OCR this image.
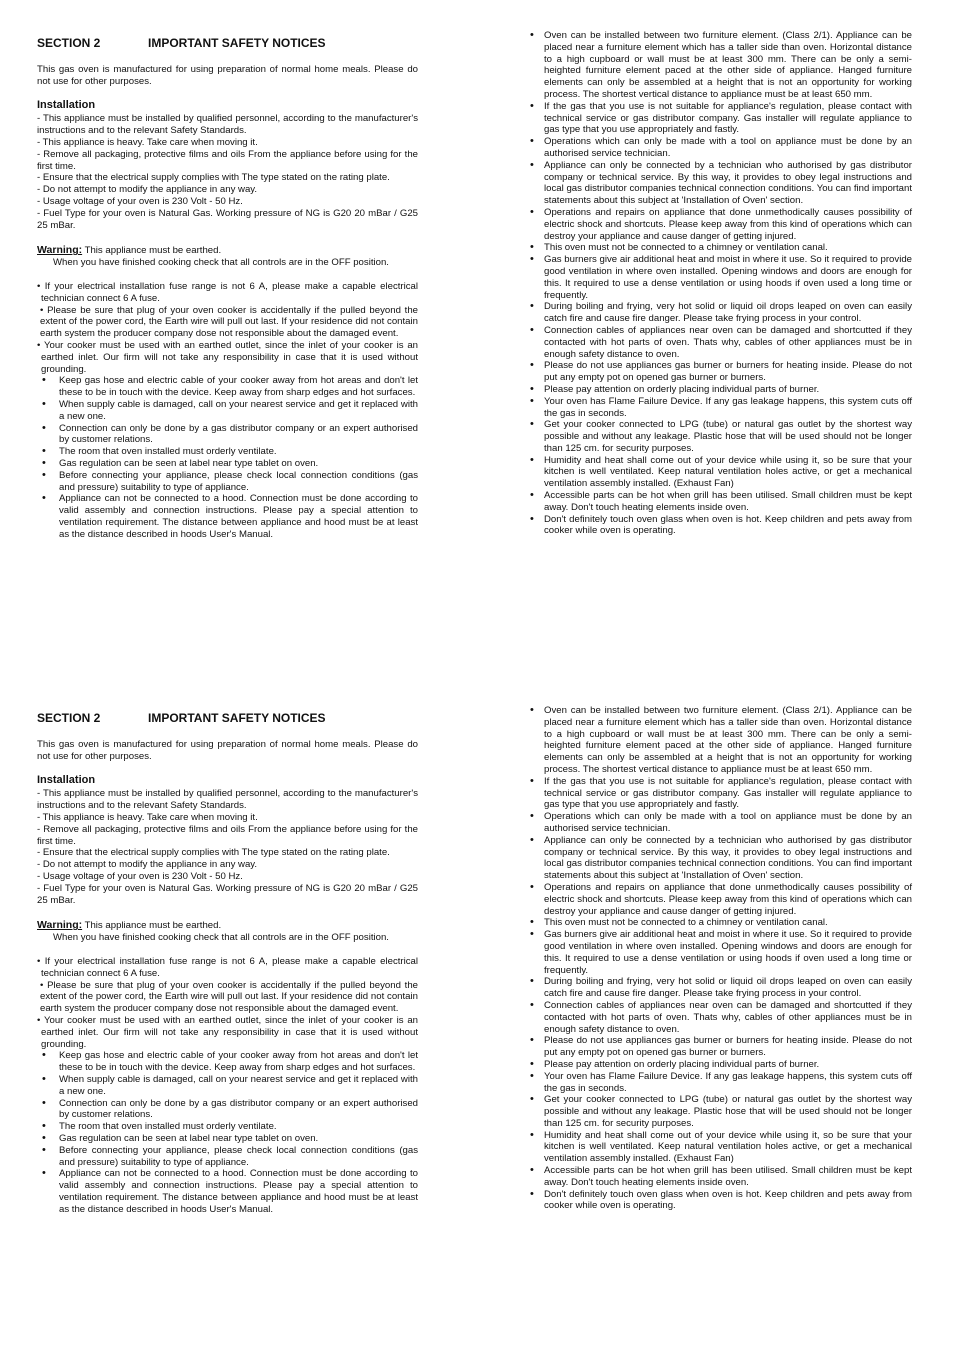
SECTION 2	IMPORTANT SAFETY NOTICES

This gas oven is manufactured for using preparation of normal home meals. Please do not use for other purposes.

Installation

- This appliance must be installed by qualified personnel, according to the manufacturer's instructions and to the relevant Safety Standards.

- This appliance is heavy. Take care when moving it.

- Remove all packaging, protective films and oils From the appliance before using for the first time.

- Ensure that the electrical supply complies with The type stated on the rating plate.

- Do not attempt to modify the appliance in any way.

- Usage voltage of your oven is 230 Volt - 50 Hz.

- Fuel Type for your oven is Natural Gas. Working pressure of NG is G20 20 mBar / G25 25 mBar.

Warning: This appliance must be earthed.

When you have finished cooking check that all controls are in the OFF position.

• If your electrical installation fuse range is not 6 A, please make a capable electrical technician connect 6 A fuse.

• Please be sure that plug of your oven cooker is accidentally if the pulled beyond the extent of the power cord, the Earth wire will pull out last. If your residence did not contain earth system the producer company dose not responsible about the damaged event.

• Your cooker must be used with an earthed outlet, since the inlet of your cooker is an earthed inlet. Our firm will not take any responsibility in case that it is used without grounding.

• Keep gas hose and electric cable of your cooker away from hot areas and don't let these to be in touch with the device. Keep away from sharp edges and hot surfaces.
• When supply cable is damaged, call on your nearest service and get it replaced with a new one.
• Connection can only be done by a gas distributor company or an expert authorised by customer relations.
• The room that oven installed must orderly ventilate.
• Gas regulation can be seen at label near type tablet on oven.
• Before connecting your appliance, please check local connection conditions (gas and pressure) suitability to type of appliance.
• Appliance can not be connected to a hood. Connection must be done according to valid assembly and connection instructions. Please pay a special attention to ventilation requirement. The distance between appliance and hood must be at least as the distance described in hoods User's Manual.
• Oven can be installed between two furniture element. (Class 2/1). Appliance can be placed near a furniture element which has a taller side than oven. Horizontal distance to a high cupboard or wall must be at least 300 mm. There can be only a semi-heighted furniture element paced at the other side of appliance. Hanged furniture elements can only be assembled at a height that is not an opportunity for working process. The shortest vertical distance to appliance must be at least 650 mm.
• If the gas that you use is not suitable for appliance's regulation, please contact with technical service or gas distributor company. Gas installer will regulate appliance to gas type that you use appropriately and fastly.
• Operations which can only be made with a tool on appliance must be done by an authorised service technician.
• Appliance can only be connected by a technician who authorised by gas distributor company or technical service. By this way, it provides to obey legal instructions and local gas distributor companies technical connection conditions. You can find important statements about this subject at 'Installation of Oven' section.
• Operations and repairs on appliance that done unmethodically causes possibility of electric shock and shortcuts. Please keep away from this kind of operations which can destroy your appliance and cause danger of getting injured.
• This oven must not be connected to a chimney or ventilation canal.
• Gas burners give air additional heat and moist in where it use. So it required to provide good ventilation in where oven installed. Opening windows and doors are enough for this. It required to use a dense ventilation or using hoods if oven used a long time or frequently.
• During boiling and frying, very hot solid or liquid oil drops leaped on oven can easily catch fire and cause fire danger. Please take frying process in your control.
• Connection cables of appliances near oven can be damaged and shortcutted if they contacted with hot parts of oven. Thats why, cables of other appliances must be in enough safety distance to oven.
• Please do not use appliances gas burner or burners for heating inside. Please do not put any empty pot on opened gas burner or burners.
• Please pay attention on orderly placing individual parts of burner.
• Your oven has Flame Failure Device. If any gas leakage happens, this system cuts off the gas in seconds.
• Get your cooker connected to LPG (tube) or natural gas outlet by the shortest way possible and without any leakage. Plastic hose that will be used should not be longer than 125 cm. for security purposes.
• Humidity and heat shall come out of your device while using it, so be sure that your kitchen is well ventilated. Keep natural ventilation holes active, or get a mechanical ventilation assembly installed. (Exhaust Fan)
• Accessible parts can be hot when grill has been utilised. Small children must be kept away. Don't touch heating elements inside oven.
• Don't definitely touch oven glass when oven is hot. Keep children and pets away from cooker while oven is operating.
SECTION 2	IMPORTANT SAFETY NOTICES

This gas oven is manufactured for using preparation of normal home meals. Please do not use for other purposes.

Installation

- This appliance must be installed by qualified personnel, according to the manufacturer's instructions and to the relevant Safety Standards.

- This appliance is heavy. Take care when moving it.

- Remove all packaging, protective films and oils From the appliance before using for the first time.

- Ensure that the electrical supply complies with The type stated on the rating plate.

- Do not attempt to modify the appliance in any way.

- Usage voltage of your oven is 230 Volt - 50 Hz.

- Fuel Type for your oven is Natural Gas. Working pressure of NG is G20 20 mBar / G25 25 mBar.

Warning: This appliance must be earthed.

When you have finished cooking check that all controls are in the OFF position.

• If your electrical installation fuse range is not 6 A, please make a capable electrical technician connect 6 A fuse.

• Please be sure that plug of your oven cooker is accidentally if the pulled beyond the extent of the power cord, the Earth wire will pull out last. If your residence did not contain earth system the producer company dose not responsible about the damaged event.

• Your cooker must be used with an earthed outlet, since the inlet of your cooker is an earthed inlet. Our firm will not take any responsibility in case that it is used without grounding.

• Keep gas hose and electric cable of your cooker away from hot areas and don't let these to be in touch with the device. Keep away from sharp edges and hot surfaces.
• When supply cable is damaged, call on your nearest service and get it replaced with a new one.
• Connection can only be done by a gas distributor company or an expert authorised by customer relations.
• The room that oven installed must orderly ventilate.
• Gas regulation can be seen at label near type tablet on oven.
• Before connecting your appliance, please check local connection conditions (gas and pressure) suitability to type of appliance.
• Appliance can not be connected to a hood. Connection must be done according to valid assembly and connection instructions. Please pay a special attention to ventilation requirement. The distance between appliance and hood must be at least as the distance described in hoods User's Manual.
• Oven can be installed between two furniture element. (Class 2/1). Appliance can be placed near a furniture element which has a taller side than oven. Horizontal distance to a high cupboard or wall must be at least 300 mm. There can be only a semi-heighted furniture element paced at the other side of appliance. Hanged furniture elements can only be assembled at a height that is not an opportunity for working process. The shortest vertical distance to appliance must be at least 650 mm.
• If the gas that you use is not suitable for appliance's regulation, please contact with technical service or gas distributor company. Gas installer will regulate appliance to gas type that you use appropriately and fastly.
• Operations which can only be made with a tool on appliance must be done by an authorised service technician.
• Appliance can only be connected by a technician who authorised by gas distributor company or technical service. By this way, it provides to obey legal instructions and local gas distributor companies technical connection conditions. You can find important statements about this subject at 'Installation of Oven' section.
• Operations and repairs on appliance that done unmethodically causes possibility of electric shock and shortcuts. Please keep away from this kind of operations which can destroy your appliance and cause danger of getting injured.
• This oven must not be connected to a chimney or ventilation canal.
• Gas burners give air additional heat and moist in where it use. So it required to provide good ventilation in where oven installed. Opening windows and doors are enough for this. It required to use a dense ventilation or using hoods if oven used a long time or frequently.
• During boiling and frying, very hot solid or liquid oil drops leaped on oven can easily catch fire and cause fire danger. Please take frying process in your control.
• Connection cables of appliances near oven can be damaged and shortcutted if they contacted with hot parts of oven. Thats why, cables of other appliances must be in enough safety distance to oven.
• Please do not use appliances gas burner or burners for heating inside. Please do not put any empty pot on opened gas burner or burners.
• Please pay attention on orderly placing individual parts of burner.
• Your oven has Flame Failure Device. If any gas leakage happens, this system cuts off the gas in seconds.
• Get your cooker connected to LPG (tube) or natural gas outlet by the shortest way possible and without any leakage. Plastic hose that will be used should not be longer than 125 cm. for security purposes.
• Humidity and heat shall come out of your device while using it, so be sure that your kitchen is well ventilated. Keep natural ventilation holes active, or get a mechanical ventilation assembly installed. (Exhaust Fan)
• Accessible parts can be hot when grill has been utilised. Small children must be kept away. Don't touch heating elements inside oven.
• Don't definitely touch oven glass when oven is hot. Keep children and pets away from cooker while oven is operating.
